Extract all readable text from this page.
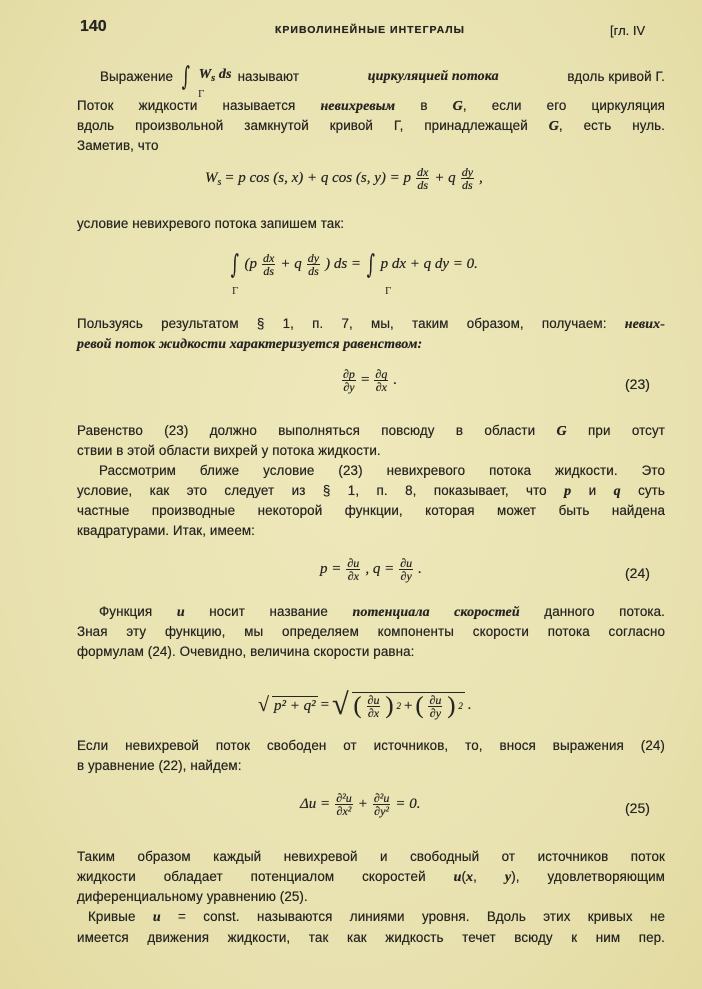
140	КРИВОЛИНЕЙНЫЕ ИНТЕГРАЛЫ	[гл. IV
Выражение ∫ $W_s$ ds называют	циркуляцией потока	вдоль кривой Г.
Г
Поток жидкости называется невихревым в G, если его циркуляция
вдоль произвольной замкнутой кривой Г, принадлежащей G, есть нуль.
Заметив, что
$W_s = p$ cos (s, x) + q cos (s, y) = p $\frac{dx}{ds} + q \frac{dy}{ds}$ ,
условие невихревого потока запишем так:
∫ ($p \frac{dx}{ds} + q \frac{dy}{ds}$ ) ds = ∫ p dx + q dy = 0.
Г	Г
Пользуясь результатом § 1, п. 7, мы, таким образом, получаем: невих-
ревой поток жидкости характеризуется равенством:
$\frac{\partial p}{\partial y} = \frac{\partial q}{\partial x}$ .	(23)
Равенство (23) должно выполняться повсюду в области G при отсут
ствии в этой области вихрей у потока жидкости.
Рассмотрим ближе условие (23) невихревого потока жидкости. Это
условие, как это следует из § 1, п. 8, показывает, что p и q суть
частные производные некоторой функции, которая может быть найдена
квадратурами. Итак, имеем:
$p = \frac{\partial u}{\partial x}$ , $q = \frac{\partial u}{\partial y}$ .	(24)
Функция u носит название потенциала скоростей данного потока.
Зная эту функцию, мы определяем компоненты скорости потока согласно
формулам (24). Очевидно, величина скорости равна:
√ p² + q² = √ ( $\frac{\partial u}{\partial x}$ ) 2 + ( $\frac{\partial u}{\partial y}$ ) 2 .
Если невихревой поток свободен от источников, то, внося выражения (24)
в уравнение (22), найдем:
$\Delta u = \frac{\text{∂²u}}{\text{∂x²}} + \frac{\text{∂²u}}{\text{∂y²}} = 0$.	(25)
Таким образом каждый невихревой и свободный от источников поток
жидкости обладает потенциалом скоростей u(x, y), удовлетворяющим
диференциальному уравнению (25).
Кривые u = const. называются линиями уровня. Вдоль этих кривых не
имеется движения жидкости, так как жидкость течет всюду к ним пер.
